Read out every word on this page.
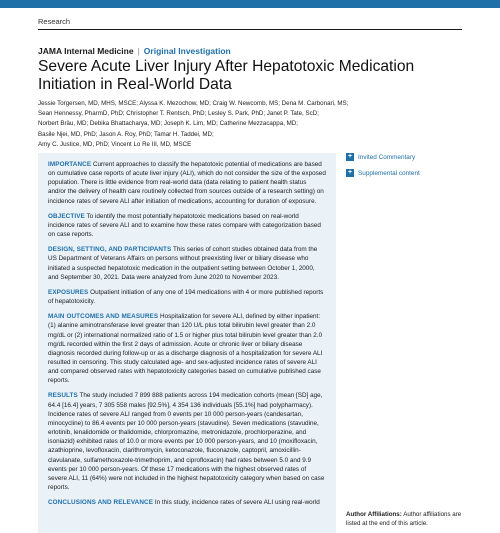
Research
JAMA Internal Medicine | Original Investigation
Severe Acute Liver Injury After Hepatotoxic Medication Initiation in Real-World Data
Jessie Torgersen, MD, MHS, MSCE; Alyssa K. Mezochow, MD; Craig W. Newcomb, MS; Dena M. Carbonari, MS;
Sean Hennessy, PharmD, PhD; Christopher T. Rentsch, PhD; Lesley S. Park, PhD; Janet P. Tate, ScD;
Norbert Bräu, MD; Debika Bhattacharya, MD; Joseph K. Lim, MD; Catherine Mezzacappa, MD;
Basile Njei, MD, PhD; Jason A. Roy, PhD; Tamar H. Taddei, MD;
Amy C. Justice, MD, PhD; Vincent Lo Re III, MD, MSCE

IMPORTANCE Current approaches to classify the hepatotoxic potential of medications are based on cumulative case reports of acute liver injury (ALI), which do not consider the size of the exposed population. There is little evidence from real-world data (data relating to patient health status and/or the delivery of health care routinely collected from sources outside of a research setting) on incidence rates of severe ALI after initiation of medications, accounting for duration of exposure.

OBJECTIVE To identify the most potentially hepatotoxic medications based on real-world incidence rates of severe ALI and to examine how these rates compare with categorization based on case reports.

DESIGN, SETTING, AND PARTICIPANTS This series of cohort studies obtained data from the US Department of Veterans Affairs on persons without preexisting liver or biliary disease who initiated a suspected hepatotoxic medication in the outpatient setting between October 1, 2000, and September 30, 2021. Data were analyzed from June 2020 to November 2023.

EXPOSURES Outpatient initiation of any one of 194 medications with 4 or more published reports of hepatotoxicity.

MAIN OUTCOMES AND MEASURES Hospitalization for severe ALI, defined by either inpatient: (1) alanine aminotransferase level greater than 120 U/L plus total bilirubin level greater than 2.0 mg/dL or (2) international normalized ratio of 1.5 or higher plus total bilirubin level greater than 2.0 mg/dL recorded within the first 2 days of admission. Acute or chronic liver or biliary disease diagnosis recorded during follow-up or as a discharge diagnosis of a hospitalization for severe ALI resulted in censoring. This study calculated age- and sex-adjusted incidence rates of severe ALI and compared observed rates with hepatotoxicity categories based on cumulative published case reports.

RESULTS The study included 7 899 888 patients across 194 medication cohorts (mean [SD] age, 64.4 [16.4] years, 7 305 558 males [92.5%], 4 354 136 individuals [55.1%] had polypharmacy). Incidence rates of severe ALI ranged from 0 events per 10 000 person-years (candesartan, minocycline) to 86.4 events per 10 000 person-years (stavudine). Seven medications (stavudine, erlotinib, lenalidomide or thalidomide, chlorpromazine, metronidazole, prochlorperazine, and isoniazid) exhibited rates of 10.0 or more events per 10 000 person-years, and 10 (moxifloxacin, azathioprine, levofloxacin, clarithromycin, ketoconazole, fluconazole, captopril, amoxicillin-clavulanate, sulfamethoxazole-trimethoprim, and ciprofloxacin) had rates between 5.0 and 9.9 events per 10 000 person-years. Of these 17 medications with the highest observed rates of severe ALI, 11 (64%) were not included in the highest hepatotoxicity category when based on case reports.

CONCLUSIONS AND RELEVANCE In this study, incidence rates of severe ALI using real-world

+ Invited Commentary
+ Supplemental content
Author Affiliations: Author affiliations are listed at the end of this article.
